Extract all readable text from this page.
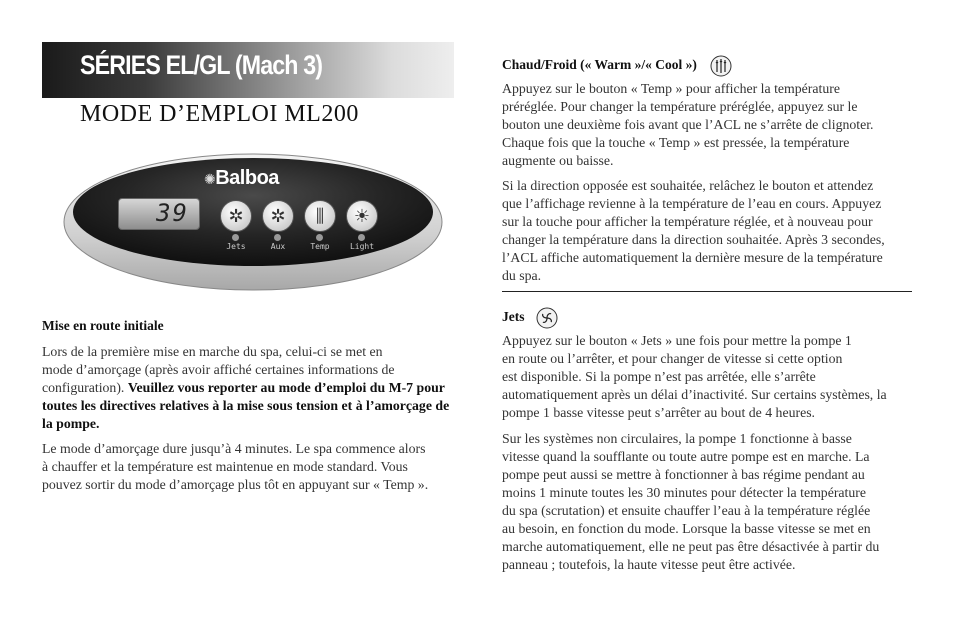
SÉRIES EL/GL (Mach 3)
MODE D’EMPLOI ML200
✺Balboa
39	✲	✲	⫼	☀
Jets	Aux	Temp	Light
Mise en route initiale
Lors de la première mise en marche du spa, celui-ci se met en
mode d’amorçage (après avoir affiché certaines informations de
configuration). Veuillez vous reporter au mode d’emploi du M-7 pour
toutes les directives relatives à la mise sous tension et à l’amorçage de
la pompe.
Le mode d’amorçage dure jusqu’à 4 minutes. Le spa commence alors
à chauffer et la température est maintenue en mode standard. Vous
pouvez sortir du mode d’amorçage plus tôt en appuyant sur « Temp ».
Chaud/Froid (« Warm »/« Cool »)
Appuyez sur le bouton « Temp » pour afficher la température
préréglée. Pour changer la température préréglée, appuyez sur le
bouton une deuxième fois avant que l’ACL ne s’arrête de clignoter.
Chaque fois que la touche « Temp » est pressée, la température
augmente ou baisse.
Si la direction opposée est souhaitée, relâchez le bouton et attendez
que l’affichage revienne à la température de l’eau en cours. Appuyez
sur la touche pour afficher la température réglée, et à nouveau pour
changer la température dans la direction souhaitée. Après 3 secondes,
l’ACL affiche automatiquement la dernière mesure de la température
du spa.
Jets
Appuyez sur le bouton « Jets » une fois pour mettre la pompe 1
en route ou l’arrêter, et pour changer de vitesse si cette option
est disponible. Si la pompe n’est pas arrêtée, elle s’arrête
automatiquement après un délai d’inactivité. Sur certains systèmes, la
pompe 1 basse vitesse peut s’arrêter au bout de 4 heures.
Sur les systèmes non circulaires, la pompe 1 fonctionne à basse
vitesse quand la soufflante ou toute autre pompe est en marche. La
pompe peut aussi se mettre à fonctionner à bas régime pendant au
moins 1 minute toutes les 30 minutes pour détecter la température
du spa (scrutation) et ensuite chauffer l’eau à la température réglée
au besoin, en fonction du mode. Lorsque la basse vitesse se met en
marche automatiquement, elle ne peut pas être désactivée à partir du
panneau ; toutefois, la haute vitesse peut être activée.
